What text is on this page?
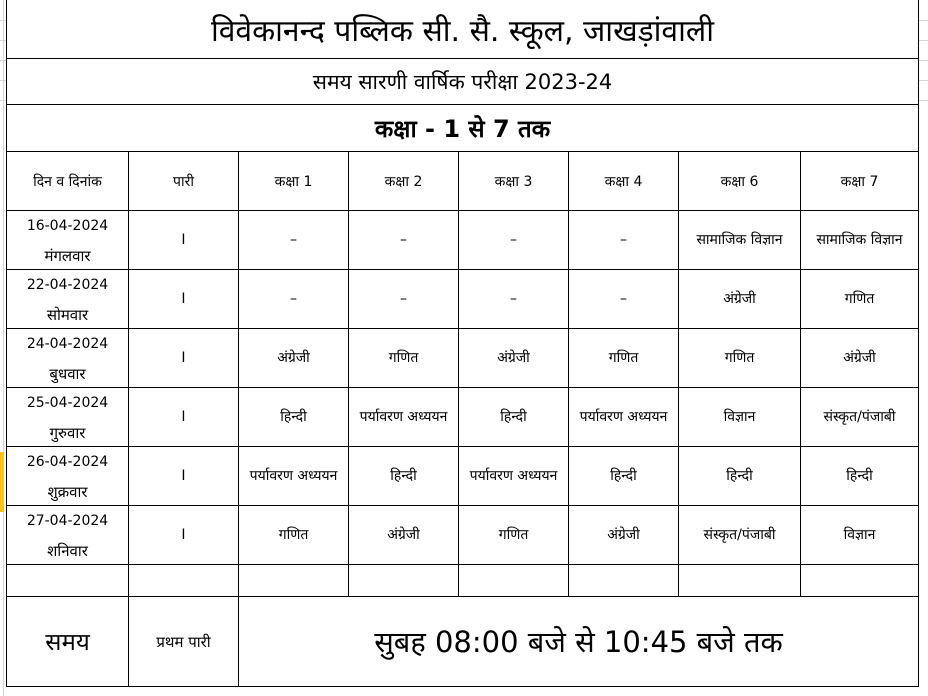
विवेकानन्द पब्लिक सी. सै. स्कूल, जाखड़ांवाली							
समय सारणी वार्षिक परीक्षा 2023-24							
कक्षा - 1 से 7 तक							
दिन व दिनांक	पारी	कक्षा 1	कक्षा 2	कक्षा 3	कक्षा 4	कक्षा 6	कक्षा 7

16-04-2024
मंगलवार	I	–	–	–	–	सामाजिक विज्ञान	सामाजिक विज्ञान

22-04-2024
सोमवार	I	–	–	–	–	अंग्रेजी	गणित

24-04-2024
बुधवार	I	अंग्रेजी	गणित	अंग्रेजी	गणित	गणित	अंग्रेजी

25-04-2024
गुरुवार	I	हिन्दी	पर्यावरण अध्ययन	हिन्दी	पर्यावरण अध्ययन	विज्ञान	संस्कृत/पंजाबी

26-04-2024
शुक्रवार	I	पर्यावरण अध्ययन	हिन्दी	पर्यावरण अध्ययन	हिन्दी	हिन्दी	हिन्दी

27-04-2024
शनिवार	I	गणित	अंग्रेजी	गणित	अंग्रेजी	संस्कृत/पंजाबी	विज्ञान

समय	प्रथम पारी	सुबह 08:00 बजे से 10:45 बजे तक					
